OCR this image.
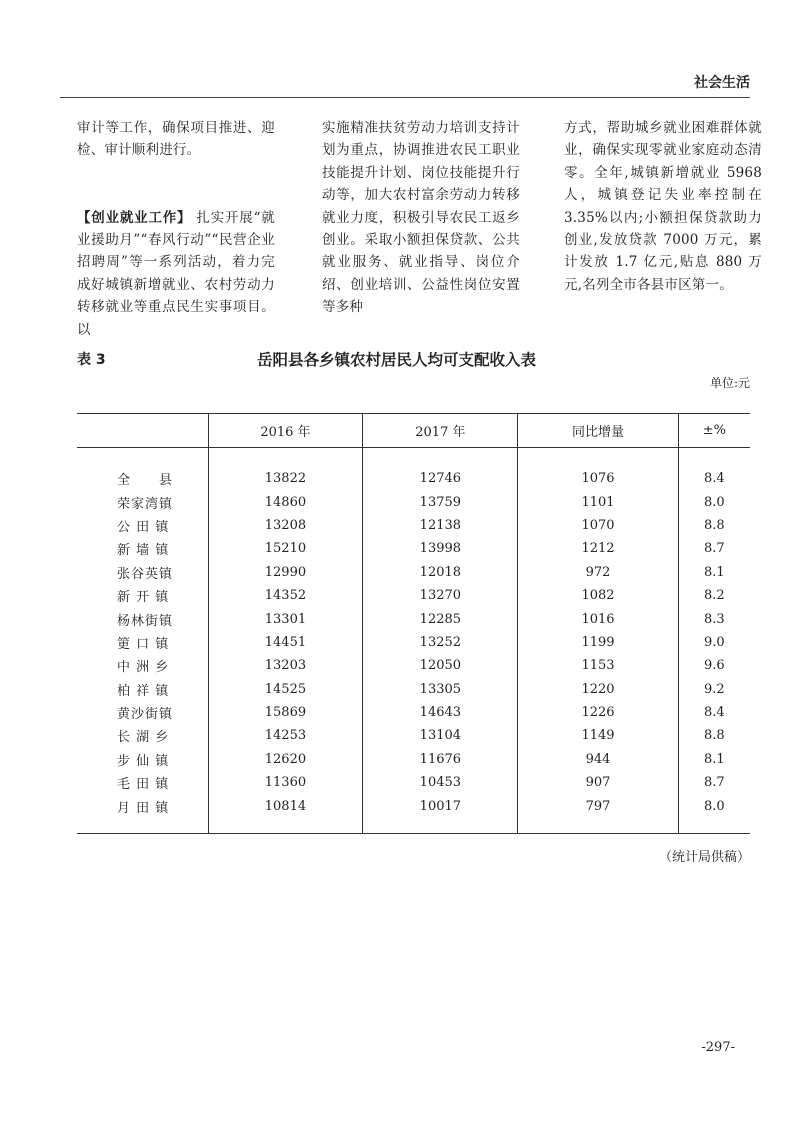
社会生活

审计等工作，确保项目推进、迎检、审计顺利进行。

【创业就业工作】 扎实开展“就业援助月”“春风行动”“民营企业招聘周”等一系列活动，着力完成好城镇新增就业、农村劳动力转移就业等重点民生实事项目。以

实施精准扶贫劳动力培训支持计划为重点，协调推进农民工职业技能提升计划、岗位技能提升行动等，加大农村富余劳动力转移就业力度，积极引导农民工返乡创业。采取小额担保贷款、公共就业服务、就业指导、岗位介绍、创业培训、公益性岗位安置等多种

方式，帮助城乡就业困难群体就业，确保实现零就业家庭动态清零。全年,城镇新增就业 5968 人，城镇登记失业率控制在 3.35%以内;小额担保贷款助力创业,发放贷款 7000 万元，累计发放 1.7 亿元,贴息 880 万元,名列全市各县市区第一。

表 3	岳阳县各乡镇农村居民人均可支配收入表
单位:元
	2016 年	2017 年	同比增量	±%
全　　县	13822	12746	1076	8.4
荣家湾镇	14860	13759	1101	8.0
公 田 镇	13208	12138	1070	8.8
新 墙 镇	15210	13998	1212	8.7
张谷英镇	12990	12018	972	8.1
新 开 镇	14352	13270	1082	8.2
杨林街镇	13301	12285	1016	8.3
筻 口 镇	14451	13252	1199	9.0
中 洲 乡	13203	12050	1153	9.6
柏 祥 镇	14525	13305	1220	9.2
黄沙街镇	15869	14643	1226	8.4
长 湖 乡	14253	13104	1149	8.8
步 仙 镇	12620	11676	944	8.1
毛 田 镇	11360	10453	907	8.7
月 田 镇	10814	10017	797	8.0
（统计局供稿）
-297-
